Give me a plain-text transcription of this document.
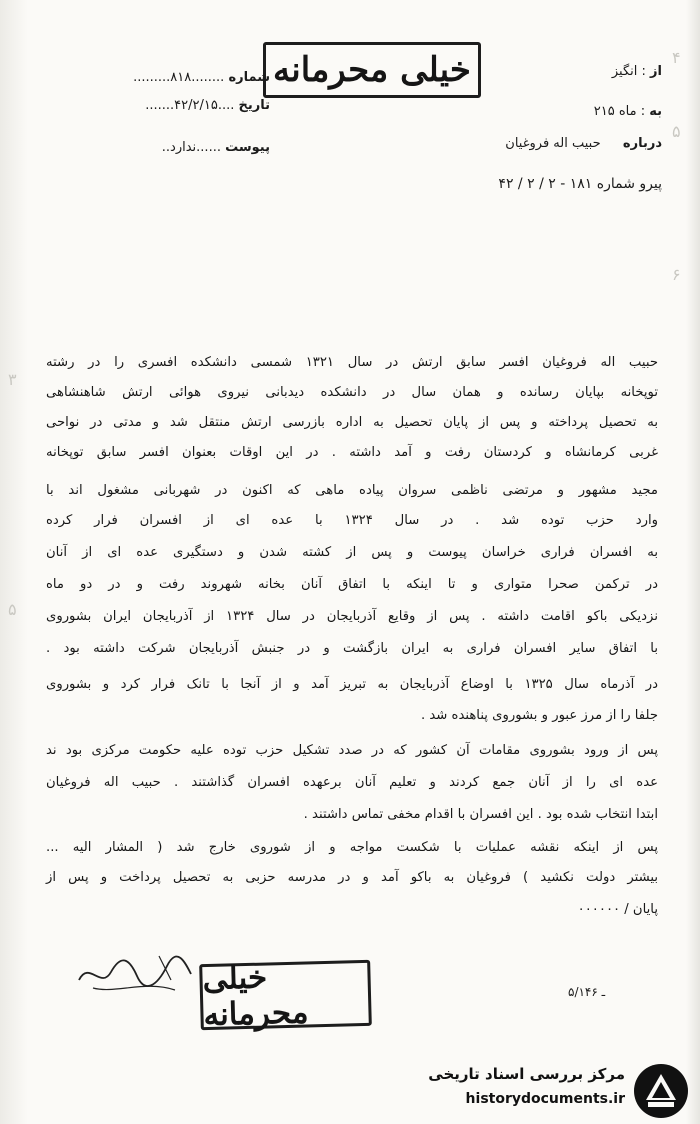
۴
۵
۶
۳
۵
خیلی محرمانه	از : انگیز
به : ماه ۲۱۵
درباره  حبیب اله فروغیان
شماره ........۸۱۸.........
تاریخ ....۴۲/۲/۱۵.......
پیوست ......ندارد..
پیرو شماره ۱۸۱ - ۲ / ۲ / ۴۲
حبیب اله فروغیان افسر سابق ارتش در سال ۱۳۲۱ شمسی دانشکده افسری را در رشته
توپخانه بپایان رسانده و همان سال در دانشکده دیدبانی نیروی هوائی ارتش شاهنشاهی
به تحصیل پرداخته و پس از پایان تحصیل به اداره بازرسی ارتش منتقل شد و مدتی در نواحی
غربی کرمانشاه و کردستان رفت و آمد داشته . در این اوقات بعنوان افسر سابق توپخانه
مجید مشهور و مرتضی ناظمی سروان پیاده ماهی که اکنون در شهربانی مشغول اند با
وارد حزب توده شد . در سال ۱۳۲۴ با عده ای از افسران فرار کرده
به افسران فراری خراسان پیوست و پس از کشته شدن و دستگیری عده ای از آنان
در ترکمن صحرا متواری و تا اینکه با اتفاق آنان بخانه شهروند رفت و در دو ماه
نزدیکی باکو اقامت داشته . پس از وقایع آذربایجان در سال ۱۳۲۴ از آذربایجان ایران بشوروی
با اتفاق سایر افسران فراری به ایران بازگشت و در جنبش آذربایجان شرکت داشته بود .
در آذرماه سال ۱۳۲۵ با اوضاع آذربایجان به تبریز آمد و از آنجا با تانک فرار کرد و بشوروی
جلفا را از مرز عبور و بشوروی پناهنده شد .
پس از ورود بشوروی مقامات آن کشور که در صدد تشکیل حزب توده علیه حکومت مرکزی بود ند
عده ای را از آنان جمع کردند و تعلیم آنان برعهده افسران گذاشتند . حبیب اله فروغیان
ابتدا انتخاب شده بود . این افسران با اقدام مخفی تماس داشتند .
پس از اینکه نقشه عملیات با شکست مواجه و از شوروی خارج شد ( المشار الیه ...
بیشتر دولت نکشید ) فروغیان به باکو آمد و در مدرسه حزبی به تحصیل پرداخت و پس از
پایان / ۰۰۰۰۰۰
خیلی محرمانه
۵/۱۴۶ ـ
مرکز بررسی اسناد تاریخی
historydocuments.ir
